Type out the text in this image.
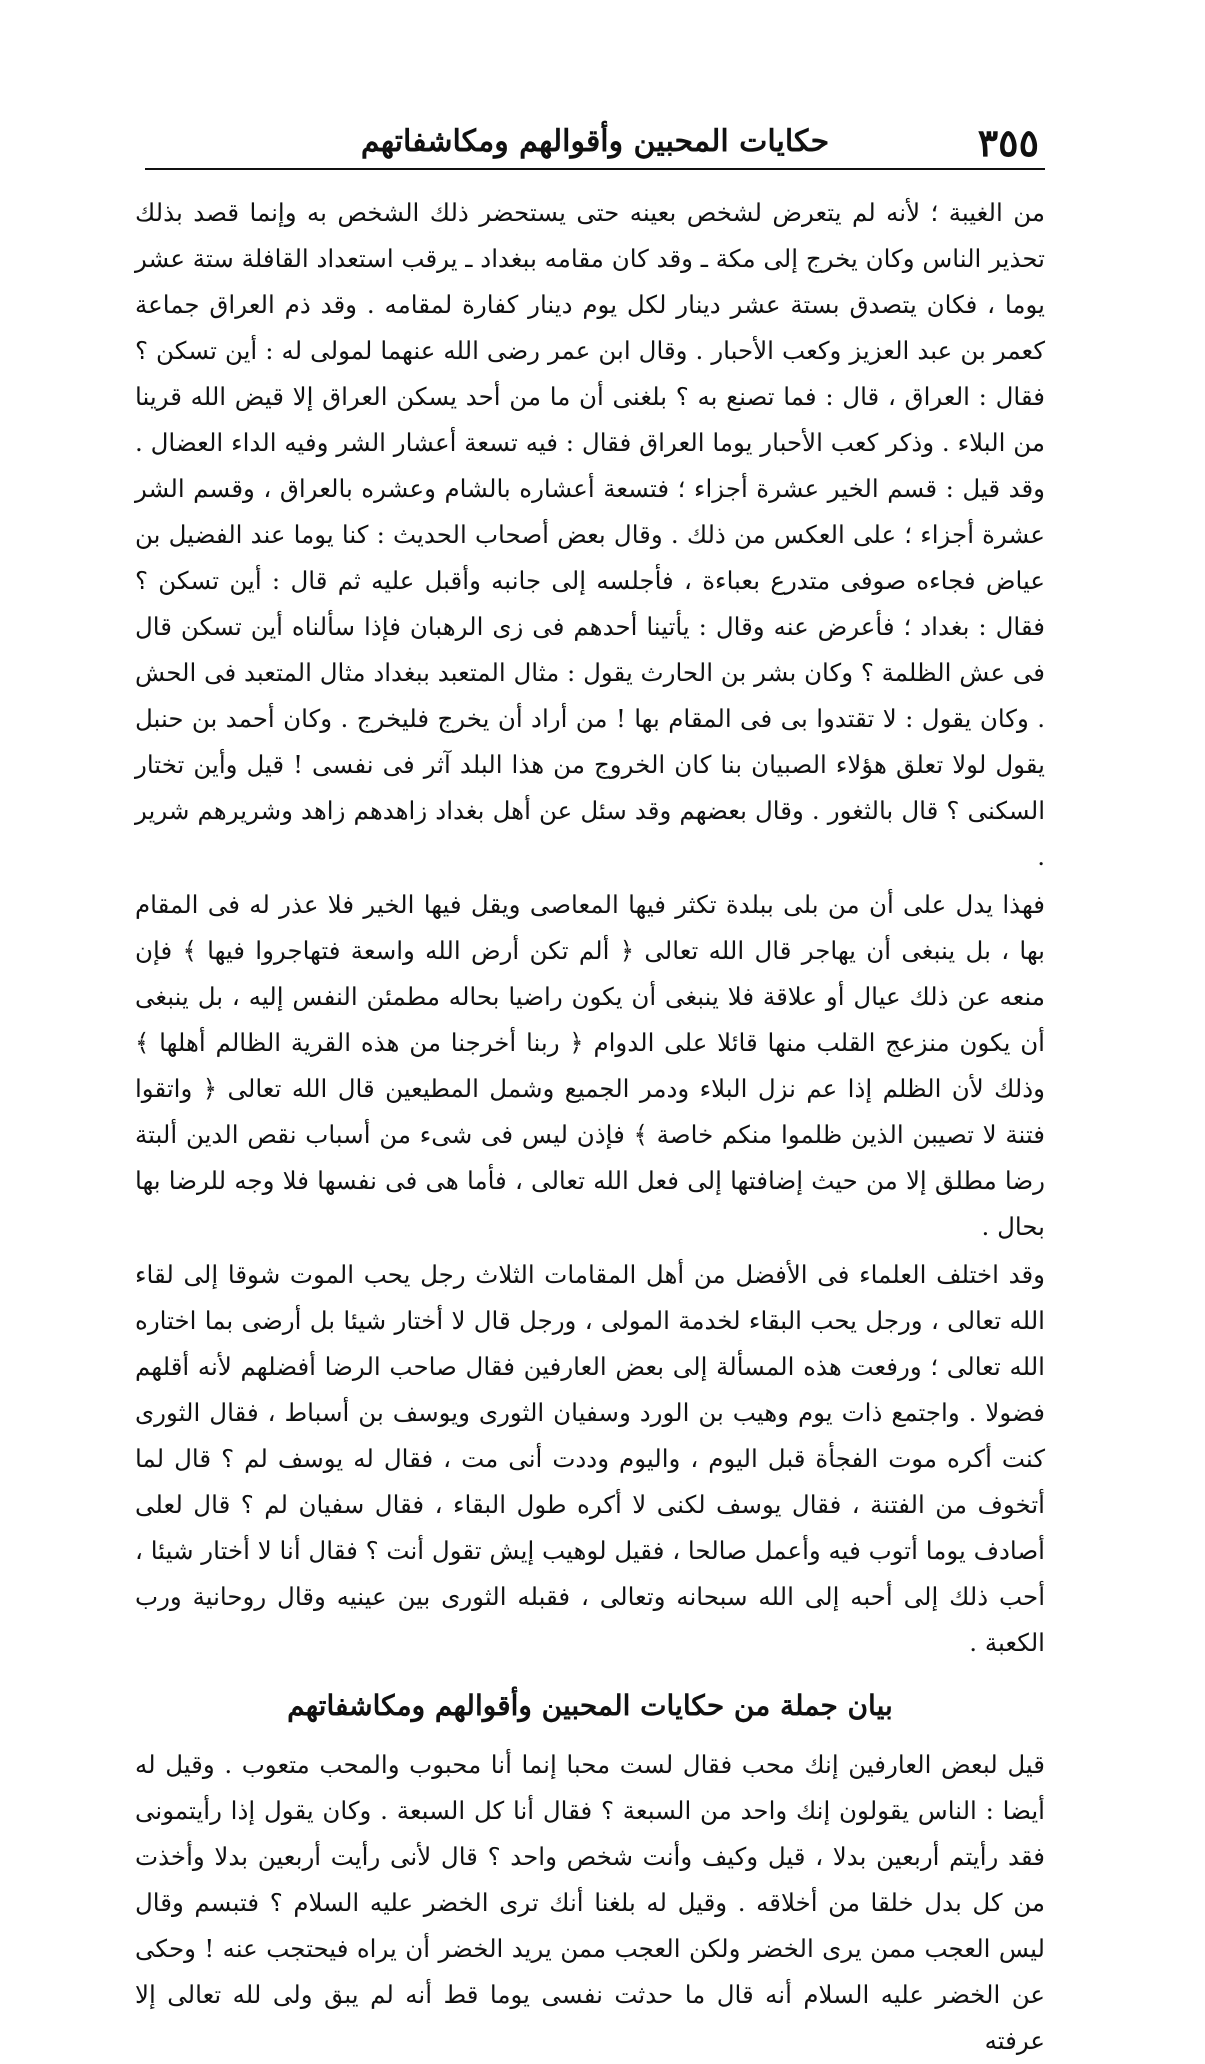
٣٥٥
حكايات المحبين وأقوالهم ومكاشفاتهم

من الغيبة ؛ لأنه لم يتعرض لشخص بعينه حتى يستحضر ذلك الشخص به وإنما قصد بذلك تحذير الناس وكان يخرج إلى مكة ـ وقد كان مقامه ببغداد ـ يرقب استعداد القافلة ستة عشر يوما ، فكان يتصدق بستة عشر دينار لكل يوم دينار كفارة لمقامه . وقد ذم العراق جماعة كعمر بن عبد العزيز وكعب الأحبار . وقال ابن عمر رضى الله عنهما لمولى له : أين تسكن ؟ فقال : العراق ، قال : فما تصنع به ؟ بلغنى أن ما من أحد يسكن العراق إلا قيض الله قرينا من البلاء . وذكر كعب الأحبار يوما العراق فقال : فيه تسعة أعشار الشر وفيه الداء العضال . وقد قيل : قسم الخير عشرة أجزاء ؛ فتسعة أعشاره بالشام وعشره بالعراق ، وقسم الشر عشرة أجزاء ؛ على العكس من ذلك . وقال بعض أصحاب الحديث : كنا يوما عند الفضيل بن عياض فجاءه صوفى متدرع بعباءة ، فأجلسه إلى جانبه وأقبل عليه ثم قال : أين تسكن ؟ فقال : بغداد ؛ فأعرض عنه وقال : يأتينا أحدهم فى زى الرهبان فإذا سألناه أين تسكن قال فى عش الظلمة ؟ وكان بشر بن الحارث يقول : مثال المتعبد ببغداد مثال المتعبد فى الحش . وكان يقول : لا تقتدوا بى فى المقام بها ! من أراد أن يخرج فليخرج . وكان أحمد بن حنبل يقول لولا تعلق هؤلاء الصبيان بنا كان الخروج من هذا البلد آثر فى نفسى ! قيل وأين تختار السكنى ؟ قال بالثغور . وقال بعضهم وقد سئل عن أهل بغداد زاهدهم زاهد وشريرهم شرير .

فهذا يدل على أن من بلى ببلدة تكثر فيها المعاصى ويقل فيها الخير فلا عذر له فى المقام بها ، بل ينبغى أن يهاجر قال الله تعالى ﴿ ألم تكن أرض الله واسعة فتهاجروا فيها ﴾ فإن منعه عن ذلك عيال أو علاقة فلا ينبغى أن يكون راضيا بحاله مطمئن النفس إليه ، بل ينبغى أن يكون منزعج القلب منها قائلا على الدوام ﴿ ربنا أخرجنا من هذه القرية الظالم أهلها ﴾ وذلك لأن الظلم إذا عم نزل البلاء ودمر الجميع وشمل المطيعين قال الله تعالى ﴿ واتقوا فتنة لا تصيبن الذين ظلموا منكم خاصة ﴾ فإذن ليس فى شىء من أسباب نقص الدين ألبتة رضا مطلق إلا من حيث إضافتها إلى فعل الله تعالى ، فأما هى فى نفسها فلا وجه للرضا بها بحال .

وقد اختلف العلماء فى الأفضل من أهل المقامات الثلاث رجل يحب الموت شوقا إلى لقاء الله تعالى ، ورجل يحب البقاء لخدمة المولى ، ورجل قال لا أختار شيئا بل أرضى بما اختاره الله تعالى ؛ ورفعت هذه المسألة إلى بعض العارفين فقال صاحب الرضا أفضلهم لأنه أقلهم فضولا . واجتمع ذات يوم وهيب بن الورد وسفيان الثورى ويوسف بن أسباط ، فقال الثورى كنت أكره موت الفجأة قبل اليوم ، واليوم وددت أنى مت ، فقال له يوسف لم ؟ قال لما أتخوف من الفتنة ، فقال يوسف لكنى لا أكره طول البقاء ، فقال سفيان لم ؟ قال لعلى أصادف يوما أتوب فيه وأعمل صالحا ، فقيل لوهيب إيش تقول أنت ؟ فقال أنا لا أختار شيئا ، أحب ذلك إلى أحبه إلى الله سبحانه وتعالى ، فقبله الثورى بين عينيه وقال روحانية ورب الكعبة .

بيان جملة من حكايات المحبين وأقوالهم ومكاشفاتهم

قيل لبعض العارفين إنك محب فقال لست محبا إنما أنا محبوب والمحب متعوب . وقيل له أيضا : الناس يقولون إنك واحد من السبعة ؟ فقال أنا كل السبعة . وكان يقول إذا رأيتمونى فقد رأيتم أربعين بدلا ، قيل وكيف وأنت شخص واحد ؟ قال لأنى رأيت أربعين بدلا وأخذت من كل بدل خلقا من أخلاقه . وقيل له بلغنا أنك ترى الخضر عليه السلام ؟ فتبسم وقال ليس العجب ممن يرى الخضر ولكن العجب ممن يريد الخضر أن يراه فيحتجب عنه ! وحكى عن الخضر عليه السلام أنه قال ما حدثت نفسى يوما قط أنه لم يبق ولى لله تعالى إلا عرفته
